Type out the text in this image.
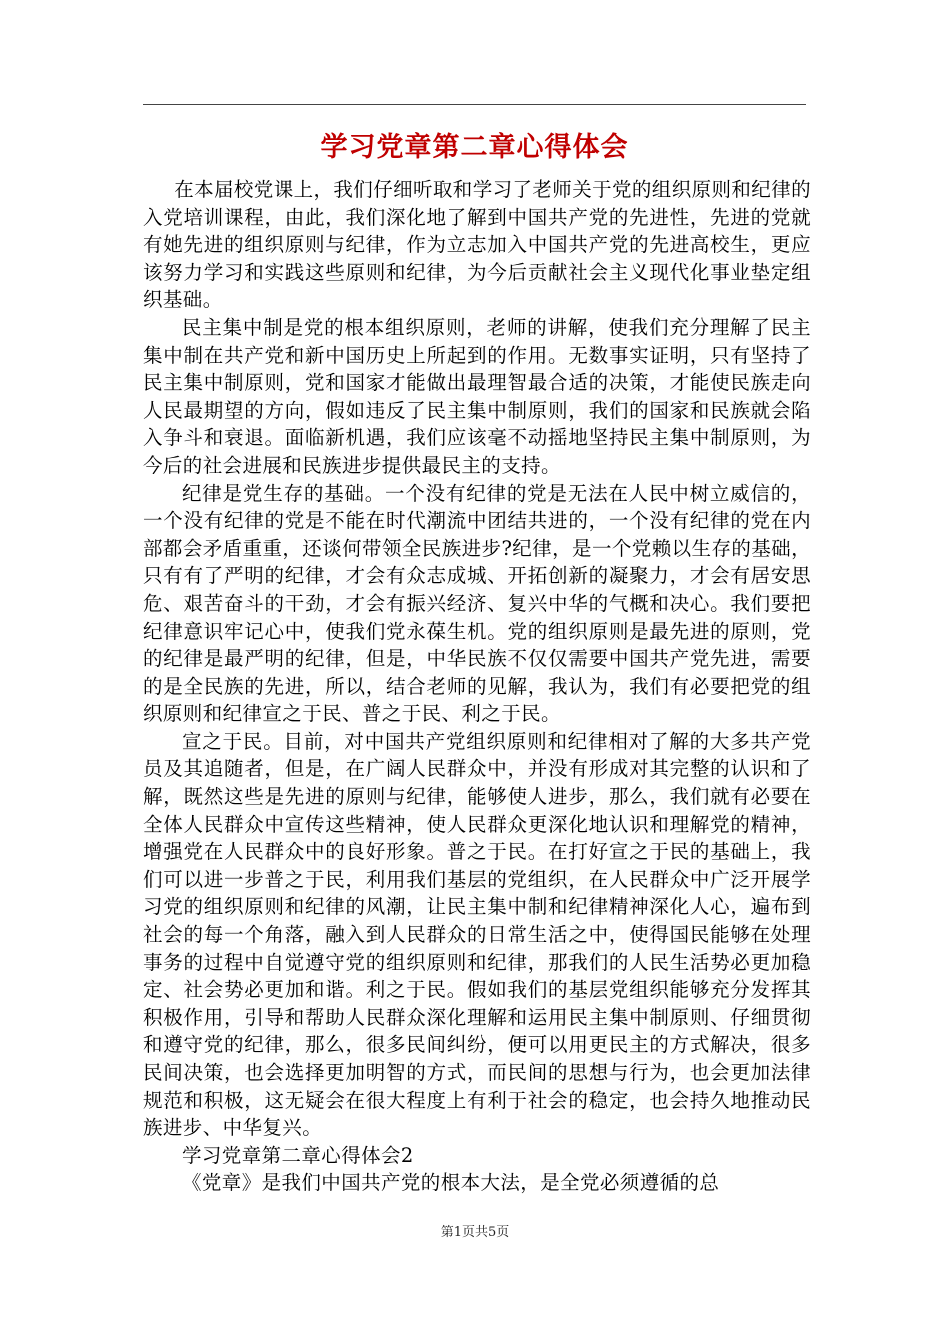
学习党章第二章心得体会

在本届校党课上，我们仔细听取和学习了老师关于党的组织原则和纪律的入党培训课程，由此，我们深化地了解到中国共产党的先进性，先进的党就有她先进的组织原则与纪律，作为立志加入中国共产党的先进高校生，更应该努力学习和实践这些原则和纪律，为今后贡献社会主义现代化事业垫定组织基础。

民主集中制是党的根本组织原则，老师的讲解，使我们充分理解了民主集中制在共产党和新中国历史上所起到的作用。无数事实证明，只有坚持了民主集中制原则，党和国家才能做出最理智最合适的决策，才能使民族走向人民最期望的方向，假如违反了民主集中制原则，我们的国家和民族就会陷入争斗和衰退。面临新机遇，我们应该毫不动摇地坚持民主集中制原则，为今后的社会进展和民族进步提供最民主的支持。

纪律是党生存的基础。一个没有纪律的党是无法在人民中树立威信的，一个没有纪律的党是不能在时代潮流中团结共进的，一个没有纪律的党在内部都会矛盾重重，还谈何带领全民族进步?纪律，是一个党赖以生存的基础，只有有了严明的纪律，才会有众志成城、开拓创新的凝聚力，才会有居安思危、艰苦奋斗的干劲，才会有振兴经济、复兴中华的气概和决心。我们要把纪律意识牢记心中，使我们党永葆生机。党的组织原则是最先进的原则，党的纪律是最严明的纪律，但是，中华民族不仅仅需要中国共产党先进，需要的是全民族的先进，所以，结合老师的见解，我认为，我们有必要把党的组织原则和纪律宣之于民、普之于民、利之于民。

宣之于民。目前，对中国共产党组织原则和纪律相对了解的大多共产党员及其追随者，但是，在广阔人民群众中，并没有形成对其完整的认识和了解，既然这些是先进的原则与纪律，能够使人进步，那么，我们就有必要在全体人民群众中宣传这些精神，使人民群众更深化地认识和理解党的精神，增强党在人民群众中的良好形象。普之于民。在打好宣之于民的基础上，我们可以进一步普之于民，利用我们基层的党组织，在人民群众中广泛开展学习党的组织原则和纪律的风潮，让民主集中制和纪律精神深化人心，遍布到社会的每一个角落，融入到人民群众的日常生活之中，使得国民能够在处理事务的过程中自觉遵守党的组织原则和纪律，那我们的人民生活势必更加稳定、社会势必更加和谐。利之于民。假如我们的基层党组织能够充分发挥其积极作用，引导和帮助人民群众深化理解和运用民主集中制原则、仔细贯彻和遵守党的纪律，那么，很多民间纠纷，便可以用更民主的方式解决，很多民间决策，也会选择更加明智的方式，而民间的思想与行为，也会更加法律规范和积极，这无疑会在很大程度上有利于社会的稳定，也会持久地推动民族进步、中华复兴。

学习党章第二章心得体会2

《党章》是我们中国共产党的根本大法，是全党必须遵循的总

第1页共5页
